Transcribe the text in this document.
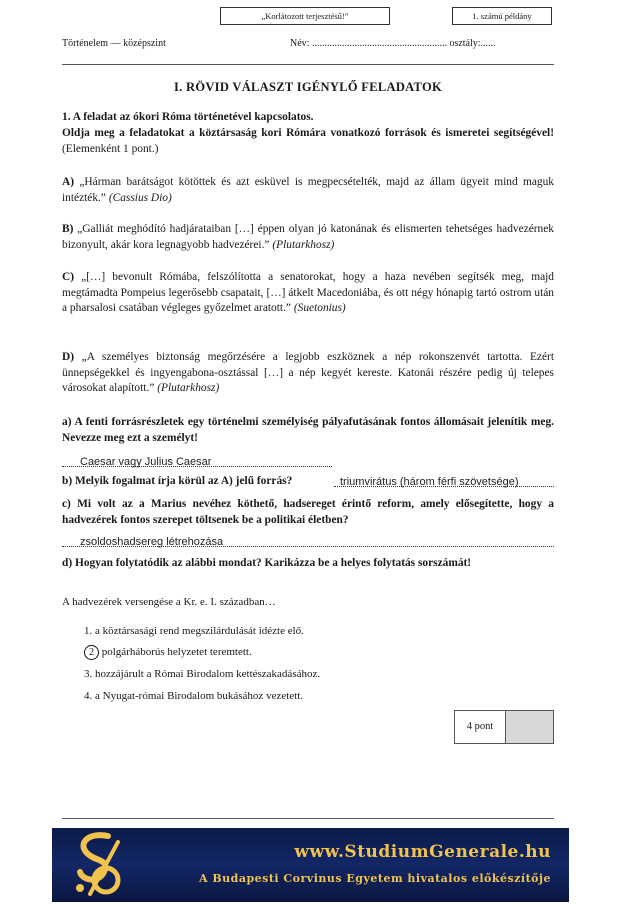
„Korlátozott terjesztésű!”	1. számú példány
Történelem — középszint	Név: ...................................................... osztály:......
I. RÖVID VÁLASZT IGÉNYLŐ FELADATOK
1. A feladat az ókori Róma történetével kapcsolatos.
Oldja meg a feladatokat a köztársaság kori Rómára vonatkozó források és ismeretei segítségével! (Elemenként 1 pont.)
A) „Hárman barátságot kötöttek és azt esküvel is megpecsételték, majd az állam ügyeit mind maguk intézték.” (Cassius Dio)
B) „Galliát meghódító hadjárataiban […] éppen olyan jó katonának és elismerten tehetséges hadvezérnek bizonyult, akár kora legnagyobb hadvezérei.” (Plutarkhosz)
C) „[…] bevonult Rómába, felszólította a senatorokat, hogy a haza nevében segítsék meg, majd megtámadta Pompeius legerősebb csapatait, […] átkelt Macedoniába, és ott négy hónapig tartó ostrom után a pharsalosi csatában végleges győzelmet aratott.” (Suetonius)
D) „A személyes biztonság megőrzésére a legjobb eszköznek a nép rokonszenvét tartotta. Ezért ünnepségekkel és ingyengabona-osztással […] a nép kegyét kereste. Katonái részére pedig új telepes városokat alapított.” (Plutarkhosz)
a) A fenti forrásrészletek egy történelmi személyiség pályafutásának fontos állomásait jelenítik meg. Nevezze meg ezt a személyt!
Caesar vagy Julius Caesar
b) Melyik fogalmat írja körül az A) jelű forrás?	triumvirátus (három férfi szövetsége)
c) Mi volt az a Marius nevéhez köthető, hadsereget érintő reform, amely elősegítette, hogy a hadvezérek fontos szerepet töltsenek be a politikai életben?
zsoldoshadsereg létrehozása
d) Hogyan folytatódik az alábbi mondat? Karikázza be a helyes folytatás sorszámát!
A hadvezérek versengése a Kr. e. I. században…
1. a köztársasági rend megszilárdulását idézte elő.
2 polgárháborús helyzetet teremtett.
3. hozzájárult a Római Birodalom kettészakadásához.
4. a Nyugat-római Birodalom bukásához vezetett.
4 pont
www.StudiumGenerale.hu
A Budapesti Corvinus Egyetem hivatalos előkészítője
